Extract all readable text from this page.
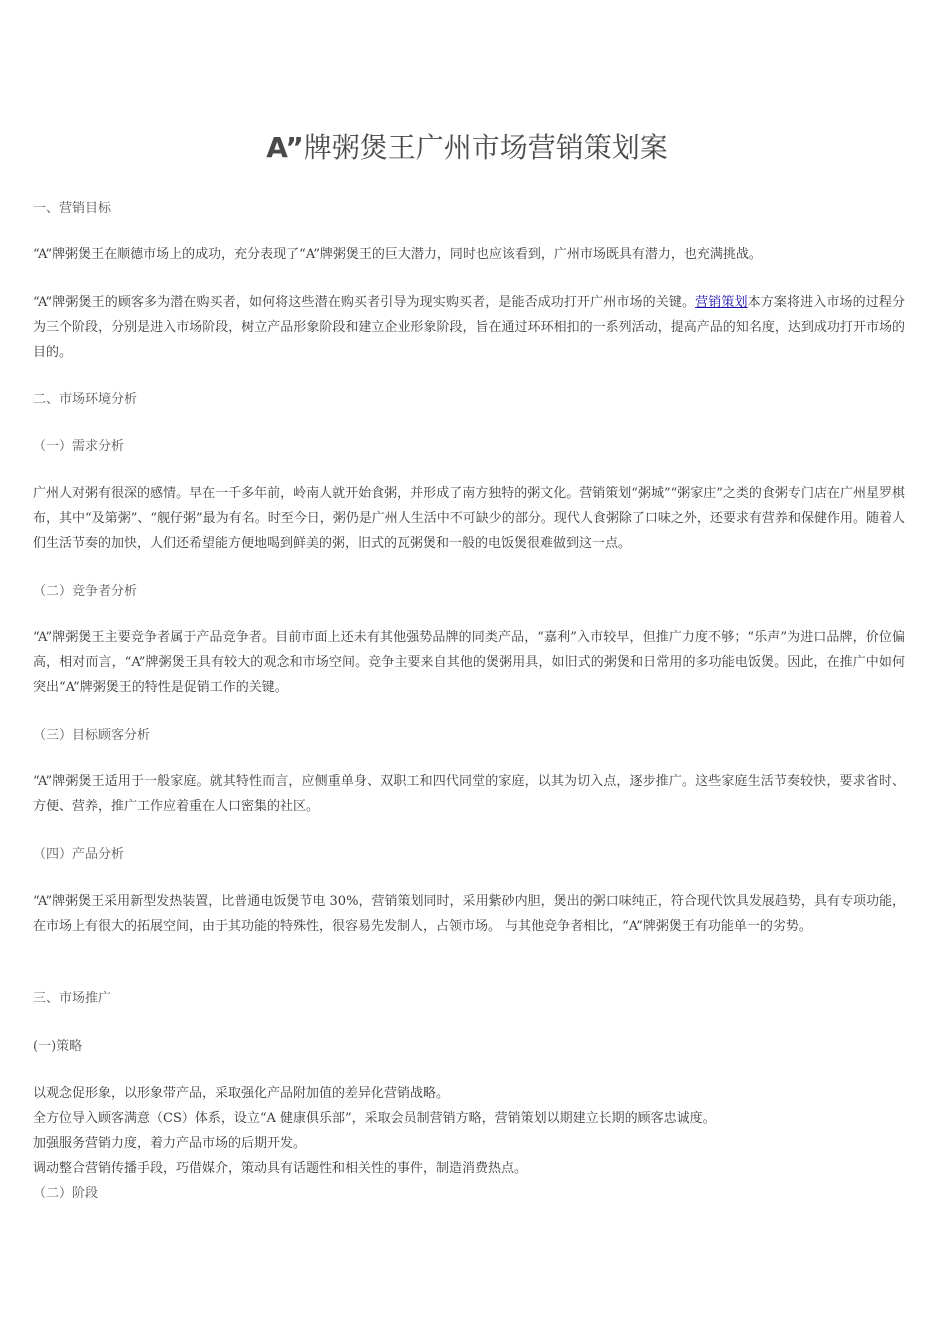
A”牌粥煲王广州市场营销策划案

一、营销目标

“A”牌粥煲王在顺德市场上的成功，充分表现了“A”牌粥煲王的巨大潜力，同时也应该看到，广州市场既具有潜力，也充满挑战。

“A”牌粥煲王的顾客多为潜在购买者，如何将这些潜在购买者引导为现实购买者，是能否成功打开广州市场的关键。营销策划本方案将进入市场的过程分为三个阶段，分别是进入市场阶段，树立产品形象阶段和建立企业形象阶段，旨在通过环环相扣的一系列活动，提高产品的知名度，达到成功打开市场的目的。

二、市场环境分析

（一）需求分析

广州人对粥有很深的感情。早在一千多年前，岭南人就开始食粥，并形成了南方独特的粥文化。营销策划“粥城”“粥家庄”之类的食粥专门店在广州星罗棋布，其中“及第粥”、“舰仔粥”最为有名。时至今日，粥仍是广州人生活中不可缺少的部分。现代人食粥除了口味之外，还要求有营养和保健作用。随着人们生活节奏的加快，人们还希望能方便地喝到鲜美的粥，旧式的瓦粥煲和一般的电饭煲很难做到这一点。

（二）竞争者分析

“A”牌粥煲王主要竞争者属于产品竞争者。目前市面上还未有其他强势品牌的同类产品，“嘉利”入市较早，但推广力度不够；“乐声”为进口品牌，价位偏高，相对而言，“A”牌粥煲王具有较大的观念和市场空间。竞争主要来自其他的煲粥用具，如旧式的粥煲和日常用的多功能电饭煲。因此，在推广中如何突出“A”牌粥煲王的特性是促销工作的关键。

（三）目标顾客分析

“A”牌粥煲王适用于一般家庭。就其特性而言，应侧重单身、双职工和四代同堂的家庭，以其为切入点，逐步推广。这些家庭生活节奏较快，要求省时、方便、营养，推广工作应着重在人口密集的社区。

（四）产品分析

“A”牌粥煲王采用新型发热装置，比普通电饭煲节电 30%，营销策划同时，采用紫砂内胆，煲出的粥口味纯正，符合现代饮具发展趋势，具有专项功能，在市场上有很大的拓展空间，由于其功能的特殊性，很容易先发制人，占领市场。 与其他竞争者相比，“A”牌粥煲王有功能单一的劣势。

三、市场推广

(一)策略

以观念促形象，以形象带产品，采取强化产品附加值的差异化营销战略。
全方位导入顾客满意（CS）体系，设立“A 健康俱乐部”，采取会员制营销方略，营销策划以期建立长期的顾客忠诚度。
加强服务营销力度，着力产品市场的后期开发。
调动整合营销传播手段，巧借媒介，策动具有话题性和相关性的事件，制造消费热点。
（二）阶段
